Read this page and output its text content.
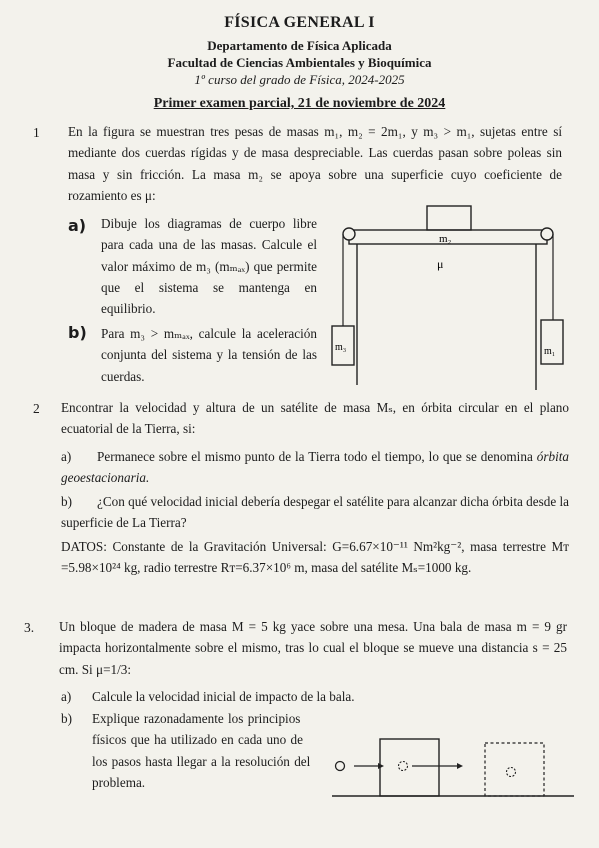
FÍSICA GENERAL I
Departamento de Física Aplicada
Facultad de Ciencias Ambientales y Bioquímica
1º curso del grado de Física, 2024-2025
Primer examen parcial, 21 de noviembre de 2024
1 En la figura se muestran tres pesas de masas m₁, m₂ = 2m₁, y m₃ > m₁, sujetas entre sí mediante dos cuerdas rígidas y de masa despreciable. Las cuerdas pasan sobre poleas sin masa y sin fricción. La masa m₂ se apoya sobre una superficie cuyo coeficiente de rozamiento es μ:

a) Dibuje los diagramas de cuerpo libre para cada una de las masas. Calcule el valor máximo de m₃ (mₘₐₓ) que permite que el sistema se mantenga en equilibrio.

b) Para m₃ > mₘₐₓ, calcule la aceleración conjunta del sistema y la tensión de las cuerdas.

m₂
μ
m₃	m₁
2 Encontrar la velocidad y altura de un satélite de masa Mₛ, en órbita circular en el plano ecuatorial de la Tierra, si:

a)	Permanece sobre el mismo punto de la Tierra todo el tiempo, lo que se denomina órbita geoestacionaria.

b)	¿Con qué velocidad inicial debería despegar el satélite para alcanzar dicha órbita desde la superficie de La Tierra?

DATOS: Constante de la Gravitación Universal: G=6.67×10⁻¹¹ Nm²kg⁻², masa terrestre Mᴛ =5.98×10²⁴ kg, radio terrestre Rᴛ=6.37×10⁶ m, masa del satélite Mₛ=1000 kg.

3. Un bloque de madera de masa M = 5 kg yace sobre una mesa. Una bala de masa m = 9 gr impacta horizontalmente sobre el mismo, tras lo cual el bloque se mueve una distancia s = 25 cm. Si μ=1/3:

a) Calcule la velocidad inicial de impacto de la bala.

b) Explique razonadamente los principios físicos que ha utilizado en cada uno de los pasos hasta llegar a la resolución del problema.
